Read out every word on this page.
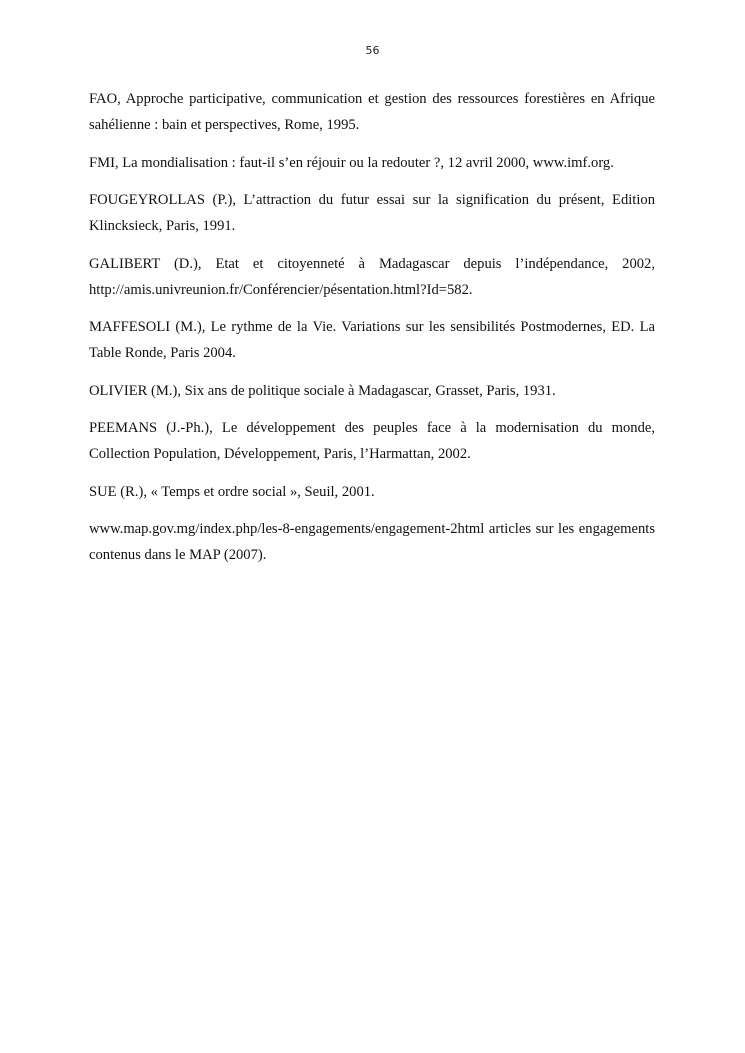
56

FAO, Approche participative, communication et gestion des ressources forestières en Afrique sahélienne : bain et perspectives, Rome, 1995.

FMI, La mondialisation : faut-il s’en réjouir ou la redouter ?, 12 avril 2000, www.imf.org.

FOUGEYROLLAS (P.), L’attraction du futur essai sur la signification du présent, Edition Klincksieck, Paris, 1991.

GALIBERT (D.), Etat et citoyenneté à Madagascar depuis l’indépendance, 2002, http://amis.univreunion.fr/Conférencier/pésentation.html?Id=582.

MAFFESOLI (M.), Le rythme de la Vie. Variations sur les sensibilités Postmodernes, ED. La Table Ronde, Paris 2004.

OLIVIER (M.), Six ans de politique sociale à Madagascar, Grasset, Paris, 1931.

PEEMANS (J.-Ph.), Le développement des peuples face à la modernisation du monde, Collection Population, Développement, Paris, l’Harmattan, 2002.

SUE (R.), « Temps et ordre social », Seuil, 2001.

www.map.gov.mg/index.php/les-8-engagements/engagement-2html articles sur les engagements contenus dans le MAP (2007).
